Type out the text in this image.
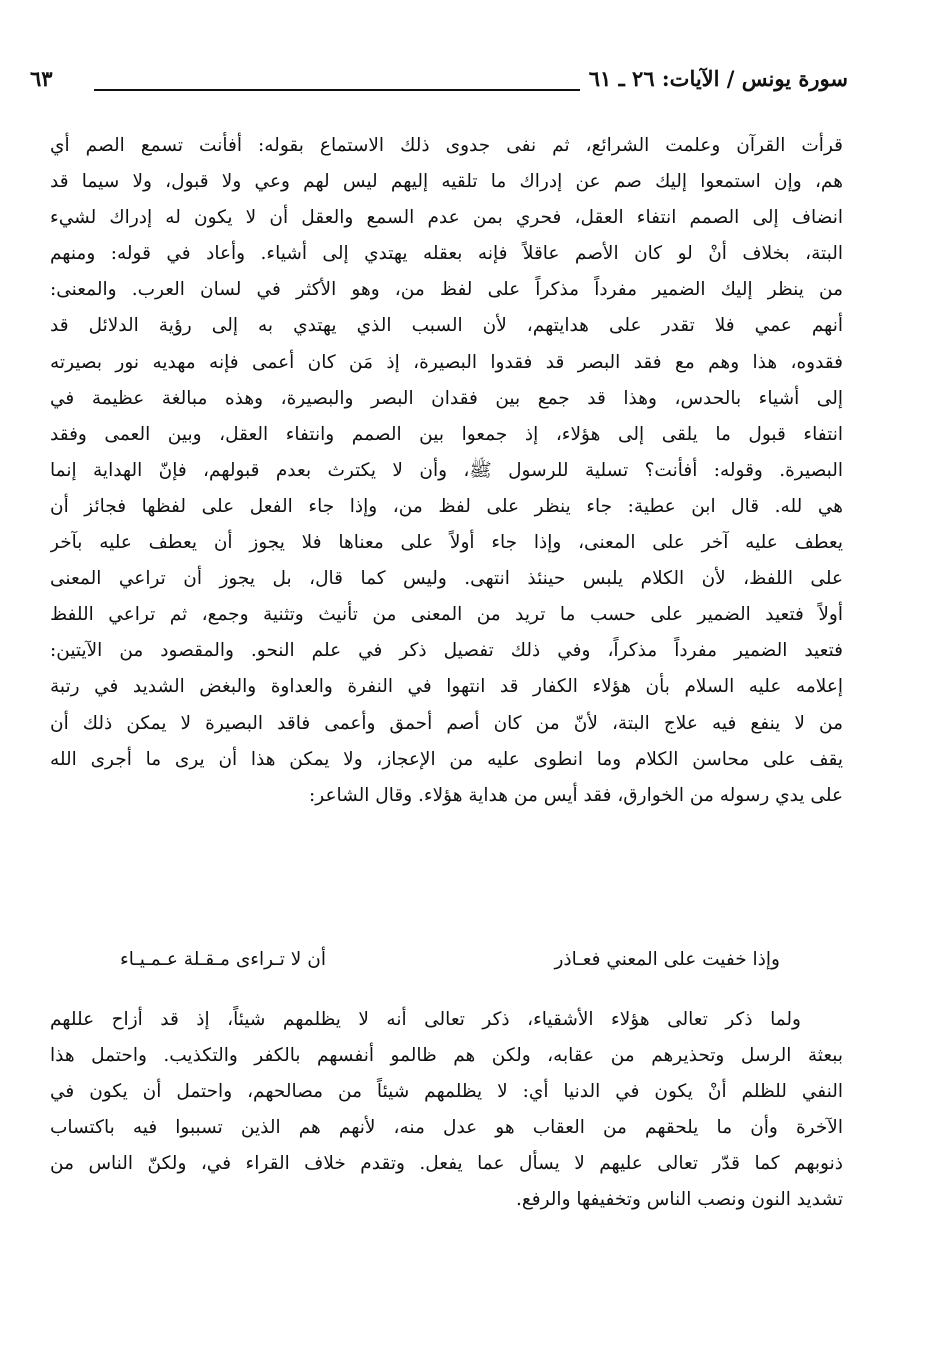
سورة يونس / الآيات: ٢٦ ـ ٦١
٦٣
قرأت القرآن وعلمت الشرائع، ثم نفى جدوى ذلك الاستماع بقوله: أفأنت تسمع الصم أي
هم، وإن استمعوا إليك صم عن إدراك ما تلقيه إليهم ليس لهم وعي ولا قبول، ولا سيما قد
انضاف إلى الصمم انتفاء العقل، فحري بمن عدم السمع والعقل أن لا يكون له إدراك لشيء
البتة، بخلاف أنْ لو كان الأصم عاقلاً فإنه بعقله يهتدي إلى أشياء. وأعاد في قوله: ومنهم
من ينظر إليك الضمير مفرداً مذكراً على لفظ من، وهو الأكثر في لسان العرب. والمعنى:
أنهم عمي فلا تقدر على هدايتهم، لأن السبب الذي يهتدي به إلى رؤية الدلائل قد
فقدوه، هذا وهم مع فقد البصر قد فقدوا البصيرة، إذ مَن كان أعمى فإنه مهديه نور بصيرته
إلى أشياء بالحدس، وهذا قد جمع بين فقدان البصر والبصيرة، وهذه مبالغة عظيمة في
انتفاء قبول ما يلقى إلى هؤلاء، إذ جمعوا بين الصمم وانتفاء العقل، وبين العمى وفقد
البصيرة. وقوله: أفأنت؟ تسلية للرسول ﷺ، وأن لا يكترث بعدم قبولهم، فإنّ الهداية إنما
هي لله. قال ابن عطية: جاء ينظر على لفظ من، وإذا جاء الفعل على لفظها فجائز أن
يعطف عليه آخر على المعنى، وإذا جاء أولاً على معناها فلا يجوز أن يعطف عليه بآخر
على اللفظ، لأن الكلام يلبس حينئذ انتهى. وليس كما قال، بل يجوز أن تراعي المعنى
أولاً فتعيد الضمير على حسب ما تريد من المعنى من تأنيث وتثنية وجمع، ثم تراعي اللفظ
فتعيد الضمير مفرداً مذكراً، وفي ذلك تفصيل ذكر في علم النحو. والمقصود من الآيتين:
إعلامه عليه السلام بأن هؤلاء الكفار قد انتهوا في النفرة والعداوة والبغض الشديد في رتبة
من لا ينفع فيه علاج البتة، لأنّ من كان أصم أحمق وأعمى فاقد البصيرة لا يمكن ذلك أن
يقف على محاسن الكلام وما انطوى عليه من الإعجاز، ولا يمكن هذا أن يرى ما أجرى الله
على يدي رسوله من الخوارق، فقد أيس من هداية هؤلاء. وقال الشاعر:
وإذا خفيت على المعني فعـاذر
أن لا تـراءى مـقـلة عـمـيـاء
ولما ذكر تعالى هؤلاء الأشقياء، ذكر تعالى أنه لا يظلمهم شيئاً، إذ قد أزاح عللهم
ببعثة الرسل وتحذيرهم من عقابه، ولكن هم ظالمو أنفسهم بالكفر والتكذيب. واحتمل هذا
النفي للظلم أنْ يكون في الدنيا أي: لا يظلمهم شيئاً من مصالحهم، واحتمل أن يكون في
الآخرة وأن ما يلحقهم من العقاب هو عدل منه، لأنهم هم الذين تسببوا فيه باكتساب
ذنوبهم كما قدّر تعالى عليهم لا يسأل عما يفعل. وتقدم خلاف القراء في، ولكنّ الناس من
تشديد النون ونصب الناس وتخفيفها والرفع.
